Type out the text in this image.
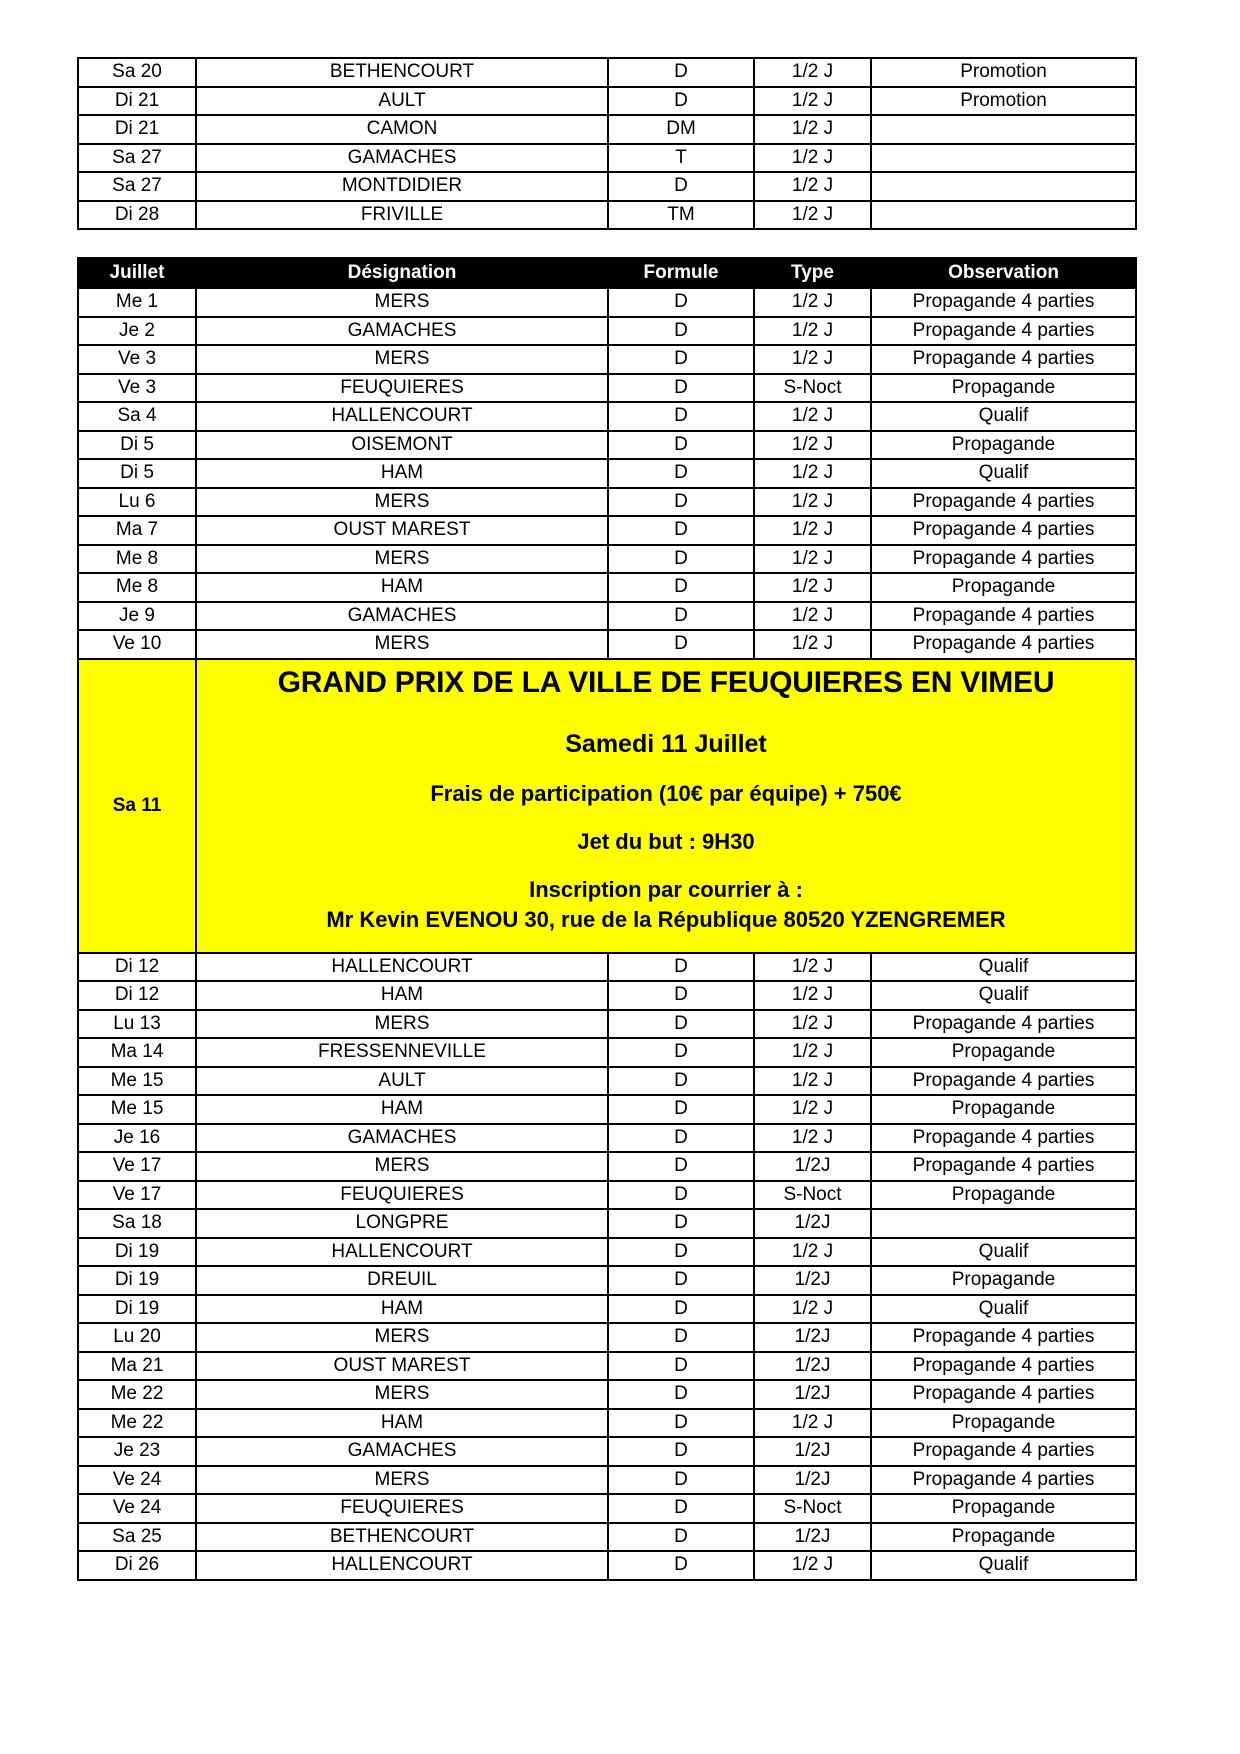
Sa 20	BETHENCOURT	D	1/2 J	Promotion
Di 21	AULT	D	1/2 J	Promotion
Di 21	CAMON	DM	1/2 J	
Sa 27	GAMACHES	T	1/2 J	
Sa 27	MONTDIDIER	D	1/2 J	
Di 28	FRIVILLE	TM	1/2 J	
Juillet	Désignation	Formule	Type	Observation
Me 1	MERS	D	1/2 J	Propagande 4 parties
Je 2	GAMACHES	D	1/2 J	Propagande 4 parties
Ve 3	MERS	D	1/2 J	Propagande 4 parties
Ve 3	FEUQUIERES	D	S-Noct	Propagande
Sa 4	HALLENCOURT	D	1/2 J	Qualif
Di 5	OISEMONT	D	1/2 J	Propagande
Di 5	HAM	D	1/2 J	Qualif
Lu 6	MERS	D	1/2 J	Propagande 4 parties
Ma 7	OUST MAREST	D	1/2 J	Propagande 4 parties
Me 8	MERS	D	1/2 J	Propagande 4 parties
Me 8	HAM	D	1/2 J	Propagande
Je 9	GAMACHES	D	1/2 J	Propagande 4 parties
Ve 10	MERS	D	1/2 J	Propagande 4 parties
Sa 11	
GRAND PRIX DE LA VILLE DE FEUQUIERES EN VIMEU
Samedi 11 Juillet
Frais de participation (10€ par équipe) + 750€
Jet du but : 9H30
Inscription par courrier à :
Mr Kevin EVENOU 30, rue de la République 80520 YZENGREMER

Di 12	HALLENCOURT	D	1/2 J	Qualif
Di 12	HAM	D	1/2 J	Qualif
Lu 13	MERS	D	1/2 J	Propagande 4 parties
Ma 14	FRESSENNEVILLE	D	1/2 J	Propagande
Me 15	AULT	D	1/2 J	Propagande 4 parties
Me 15	HAM	D	1/2 J	Propagande
Je 16	GAMACHES	D	1/2 J	Propagande 4 parties
Ve 17	MERS	D	1/2J	Propagande 4 parties
Ve 17	FEUQUIERES	D	S-Noct	Propagande
Sa 18	LONGPRE	D	1/2J	
Di 19	HALLENCOURT	D	1/2 J	Qualif
Di 19	DREUIL	D	1/2J	Propagande
Di 19	HAM	D	1/2 J	Qualif
Lu 20	MERS	D	1/2J	Propagande 4 parties
Ma 21	OUST MAREST	D	1/2J	Propagande 4 parties
Me 22	MERS	D	1/2J	Propagande 4 parties
Me 22	HAM	D	1/2 J	Propagande
Je 23	GAMACHES	D	1/2J	Propagande 4 parties
Ve 24	MERS	D	1/2J	Propagande 4 parties
Ve 24	FEUQUIERES	D	S-Noct	Propagande
Sa 25	BETHENCOURT	D	1/2J	Propagande
Di 26	HALLENCOURT	D	1/2 J	Qualif
